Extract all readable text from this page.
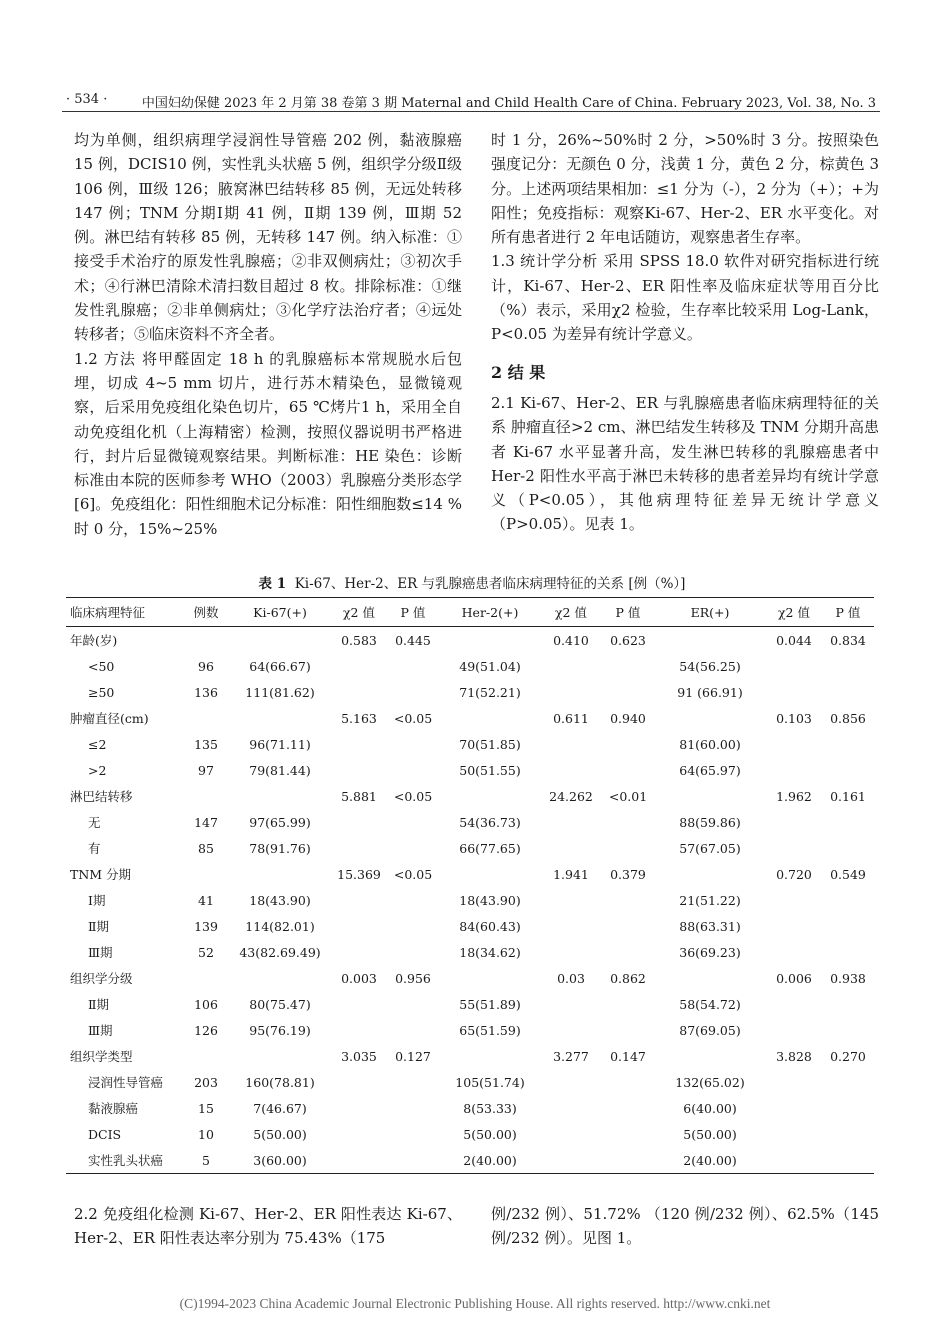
· 534 ·	中国妇幼保健 2023 年 2 月第 38 卷第 3 期 Maternal and Child Health Care of China. February 2023, Vol. 38, No. 3

均为单侧，组织病理学浸润性导管癌 202 例，黏液腺癌 15 例，DCIS10 例，实性乳头状癌 5 例，组织学分级Ⅱ级 106 例，Ⅲ级 126；腋窝淋巴结转移 85 例，无远处转移 147 例；TNM 分期Ⅰ期 41 例，Ⅱ期 139 例，Ⅲ期 52 例。淋巴结有转移 85 例，无转移 147 例。纳入标准：①接受手术治疗的原发性乳腺癌；②非双侧病灶；③初次手术；④行淋巴清除术清扫数目超过 8 枚。排除标准：①继发性乳腺癌；②非单侧病灶；③化学疗法治疗者；④远处转移者；⑤临床资料不齐全者。

1.2 方法 将甲醛固定 18 h 的乳腺癌标本常规脱水后包埋，切成 4~5 mm 切片，进行苏木精染色，显微镜观察，后采用免疫组化染色切片，65 ℃烤片1 h，采用全自动免疫组化机（上海精密）检测，按照仪器说明书严格进行，封片后显微镜观察结果。判断标准：HE 染色：诊断标准由本院的医师参考 WHO（2003）乳腺癌分类形态学 [6]。免疫组化：阳性细胞术记分标准：阳性细胞数≤14 %时 0 分，15%~25%

时 1 分，26%~50%时 2 分，>50%时 3 分。按照染色强度记分：无颜色 0 分，浅黄 1 分，黄色 2 分，棕黄色 3 分。上述两项结果相加：≤1 分为（-），2 分为（+）；+为阳性；免疫指标：观察Ki-67、Her-2、ER 水平变化。对所有患者进行 2 年电话随访，观察患者生存率。

1.3 统计学分析 采用 SPSS 18.0 软件对研究指标进行统计，Ki-67、Her-2、ER 阳性率及临床症状等用百分比（%）表示，采用χ2 检验，生存率比较采用 Log-Lank，P<0.05 为差异有统计学意义。

2 结 果

2.1 Ki-67、Her-2、ER 与乳腺癌患者临床病理特征的关系 肿瘤直径>2 cm、淋巴结发生转移及 TNM 分期升高患者 Ki-67 水平显著升高，发生淋巴转移的乳腺癌患者中 Her-2 阳性水平高于淋巴未转移的患者差异均有统计学意义（P<0.05），其他病理特征差异无统计学意义（P>0.05）。见表 1。

表 1 Ki-67、Her-2、ER 与乳腺癌患者临床病理特征的关系 [例（%）]
临床病理特征	例数	Ki-67(+)	χ2 值	P 值	Her-2(+)	χ2 值	P 值	ER(+)	χ2 值	P 值
年龄(岁)			0.583	0.445		0.410	0.623		0.044	0.834
<50	96	64(66.67)			49(51.04)			54(56.25)		
≥50	136	111(81.62)			71(52.21)			91 (66.91)		
肿瘤直径(cm)			5.163	<0.05		0.611	0.940		0.103	0.856
≤2	135	96(71.11)			70(51.85)			81(60.00)		
>2	97	79(81.44)			50(51.55)			64(65.97)		
淋巴结转移			5.881	<0.05		24.262	<0.01		1.962	0.161
无	147	97(65.99)			54(36.73)			88(59.86)		
有	85	78(91.76)			66(77.65)			57(67.05)		
TNM 分期			15.369	<0.05		1.941	0.379		0.720	0.549
Ⅰ期	41	18(43.90)			18(43.90)			21(51.22)		
Ⅱ期	139	114(82.01)			84(60.43)			88(63.31)		
Ⅲ期	52	43(82.69.49)			18(34.62)			36(69.23)		
组织学分级			0.003	0.956		0.03	0.862		0.006	0.938
Ⅱ期	106	80(75.47)			55(51.89)			58(54.72)		
Ⅲ期	126	95(76.19)			65(51.59)			87(69.05)		
组织学类型			3.035	0.127		3.277	0.147		3.828	0.270
浸润性导管癌	203	160(78.81)			105(51.74)			132(65.02)		
黏液腺癌	15	7(46.67)			8(53.33)			6(40.00)		
DCIS	10	5(50.00)			5(50.00)			5(50.00)		
实性乳头状癌	5	3(60.00)			2(40.00)			2(40.00)		
2.2 免疫组化检测 Ki-67、Her-2、ER 阳性表达 Ki-67、Her-2、ER 阳性表达率分别为 75.43%（175
例/232 例）、51.72% （120 例/232 例）、62.5%（145 例/232 例）。见图 1。
(C)1994-2023 China Academic Journal Electronic Publishing House. All rights reserved. http://www.cnki.net
